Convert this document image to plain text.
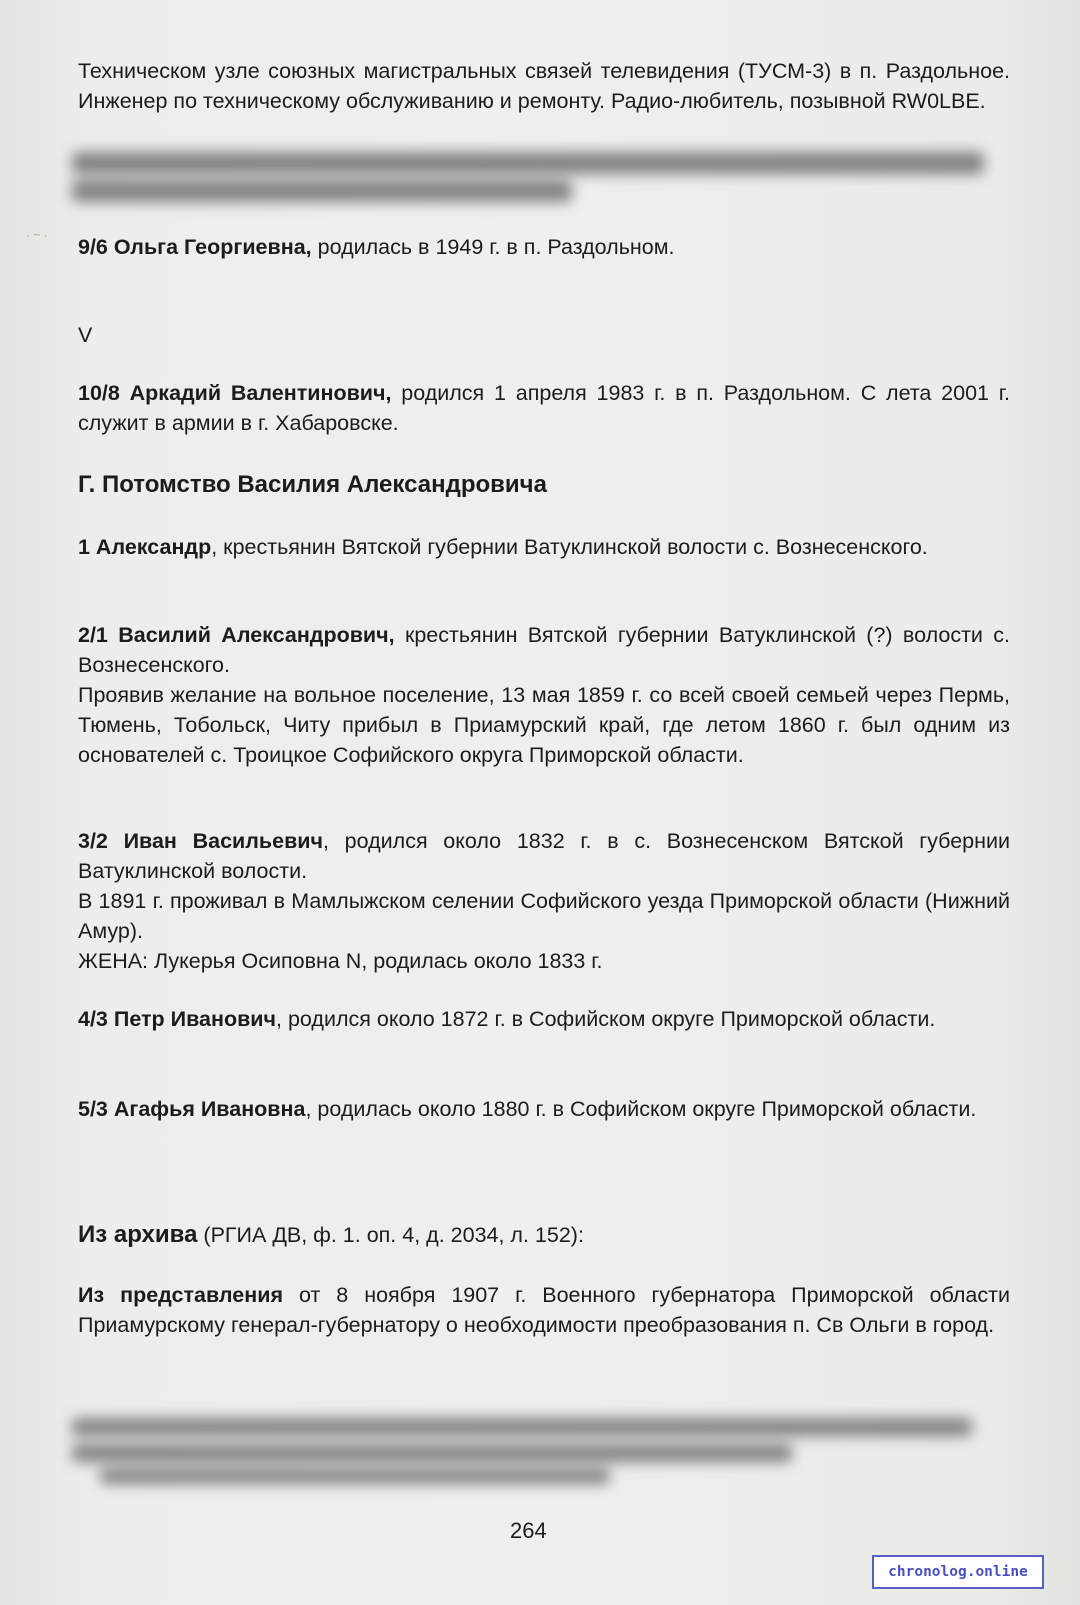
· ~ ·

Техническом узле союзных магистральных связей телевидения (ТУСМ-3) в п. Раздольное. Инженер по техническому обслуживанию и ремонту. Радио-любитель, позывной RW0LBE.

9/6 Ольга Георгиевна, родилась в 1949 г. в п. Раздольном.

V

10/8 Аркадий Валентинович, родился 1 апреля 1983 г. в п. Раздольном. С лета 2001 г. служит в армии в г. Хабаровске.

Г. Потомство Василия Александровича

1 Александр, крестьянин Вятской губернии Ватуклинской волости с. Вознесенского.

2/1 Василий Александрович, крестьянин Вятской губернии Ватуклинской (?) волости с. Вознесенского.

Проявив желание на вольное поселение, 13 мая 1859 г. со всей своей семьей через Пермь, Тюмень, Тобольск, Читу прибыл в Приамурский край, где летом 1860 г. был одним из основателей с. Троицкое Софийского округа Приморской области.

3/2 Иван Васильевич, родился около 1832 г. в с. Вознесенском Вятской губернии Ватуклинской волости.

В 1891 г. проживал в Мамлыжском селении Софийского уезда Приморской области (Нижний Амур).

ЖЕНА: Лукерья Осиповна N, родилась около 1833 г.

4/3 Петр Иванович, родился около 1872 г. в Софийском округе Приморской области.

5/3 Агафья Ивановна, родилась около 1880 г. в Софийском округе Приморской области.

Из архива (РГИА ДВ, ф. 1. оп. 4, д. 2034, л. 152):

Из представления от 8 ноября 1907 г. Военного губернатора Приморской области Приамурскому генерал-губернатору о необходимости преобразования п. Св Ольги в город.

264
chronolog.online
